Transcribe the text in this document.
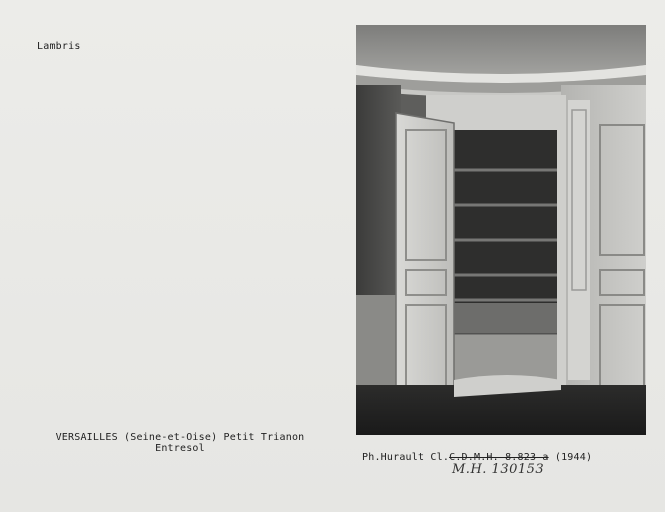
Lambris
VERSAILLES (Seine-et-Oise) Petit Trianon
Entresol
Ph.Hurault Cl.C.D.M.H. 8.823 a (1944)
M.H. 130153
